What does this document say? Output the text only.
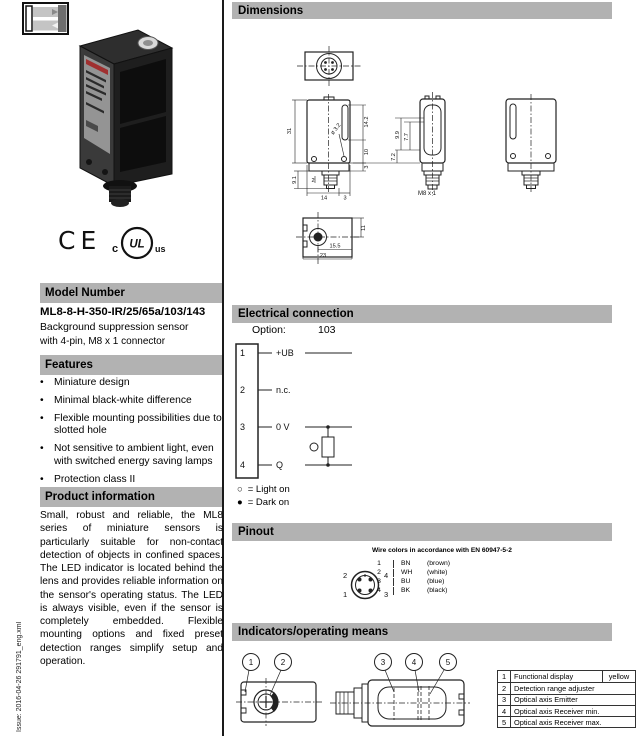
CE c UL us
Model Number
ML8-8-H-350-IR/25/65a/103/143
Background suppression sensor
with 4-pin, M8 x 1 connector
Features
• Miniature design
• Minimal black-white difference
• Flexible mounting possibilities due to slotted hole
• Not sensitive to ambient light, even with switched energy saving lamps
• Protection class II
Product information
Small, robust and reliable, the ML8 series of miniature sensors is particularly suitable for non-contact detection of objects in confined spaces. The LED indicator is located behind the lens and provides reliable information on the sensor's operating status. The LED is always visible, even if the sensor is completely embedded. Flexible mounting options and fixed preset detection ranges simplify setup and operation.
Issue: 2016-04-26 291791_eng.xml
Dimensions
31
9.1
14.2
10
3
2
14	3
ø 3.2	9.9 7.7
7.2
M8 x 1
11
15.5
23
Electrical connection
Option:	103
1
2
3
4
+UB
n.c.
0 V
Q
○ = Light on
● = Dark on
Pinout
Wire colors in accordance with EN 60947-5-2
2	4
1	3
1	BN	(brown)
2	WH	(white)
3	BU	(blue)
4	BK	(black)
Indicators/operating means
1	2	3	4	5
1	Functional display	yellow
2	Detection range adjuster
3	Optical axis Emitter
4	Optical axis Receiver min.
5	Optical axis Receiver max.
